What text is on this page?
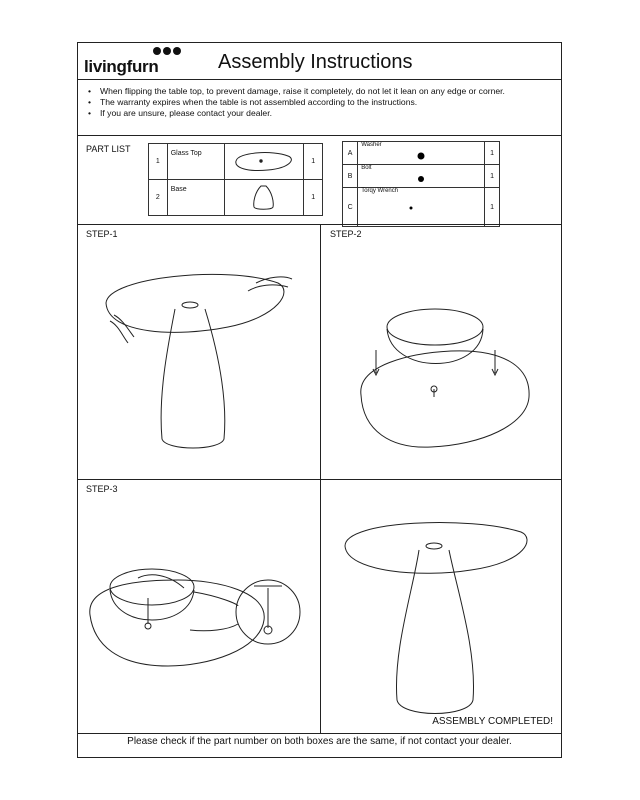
livingfurn	Assembly Instructions
• When flipping the table top, to prevent damage, raise it completely, do not let it lean on any edge or corner.
• The warranty expires when the table is not assembled according to the instructions.
• If you are unsure, please contact your dealer.
PART LIST
1	Glass Top		1
2	Base		1
A	Washer	1
B	Bolt	1
C	Torqy Wrench	1
STEP-1	STEP-2
STEP-3
ASSEMBLY COMPLETED!
Please check if the part number on both boxes are the same, if not contact your dealer.
